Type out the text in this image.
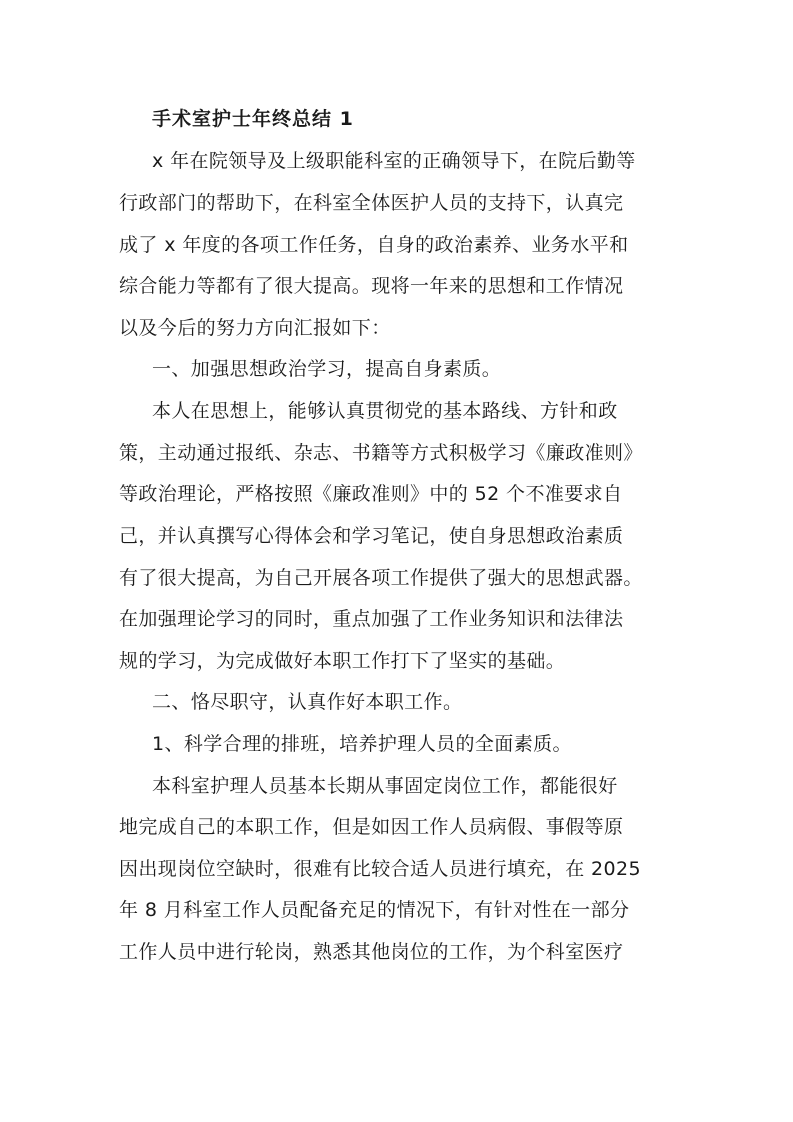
手术室护士年终总结 1
x 年在院领导及上级职能科室的正确领导下，在院后勤等
行政部门的帮助下，在科室全体医护人员的支持下，认真完
成了 x 年度的各项工作任务，自身的政治素养、业务水平和
综合能力等都有了很大提高。现将一年来的思想和工作情况
以及今后的努力方向汇报如下：
一、加强思想政治学习，提高自身素质。
本人在思想上，能够认真贯彻党的基本路线、方针和政
策，主动通过报纸、杂志、书籍等方式积极学习《廉政准则》
等政治理论，严格按照《廉政准则》中的 52 个不准要求自
己，并认真撰写心得体会和学习笔记，使自身思想政治素质
有了很大提高，为自己开展各项工作提供了强大的思想武器。
在加强理论学习的同时，重点加强了工作业务知识和法律法
规的学习，为完成做好本职工作打下了坚实的基础。
二、恪尽职守，认真作好本职工作。
1、科学合理的排班，培养护理人员的全面素质。
本科室护理人员基本长期从事固定岗位工作，都能很好
地完成自己的本职工作，但是如因工作人员病假、事假等原
因出现岗位空缺时，很难有比较合适人员进行填充，在 2025
年 8 月科室工作人员配备充足的情况下，有针对性在一部分
工作人员中进行轮岗，熟悉其他岗位的工作，为个科室医疗
